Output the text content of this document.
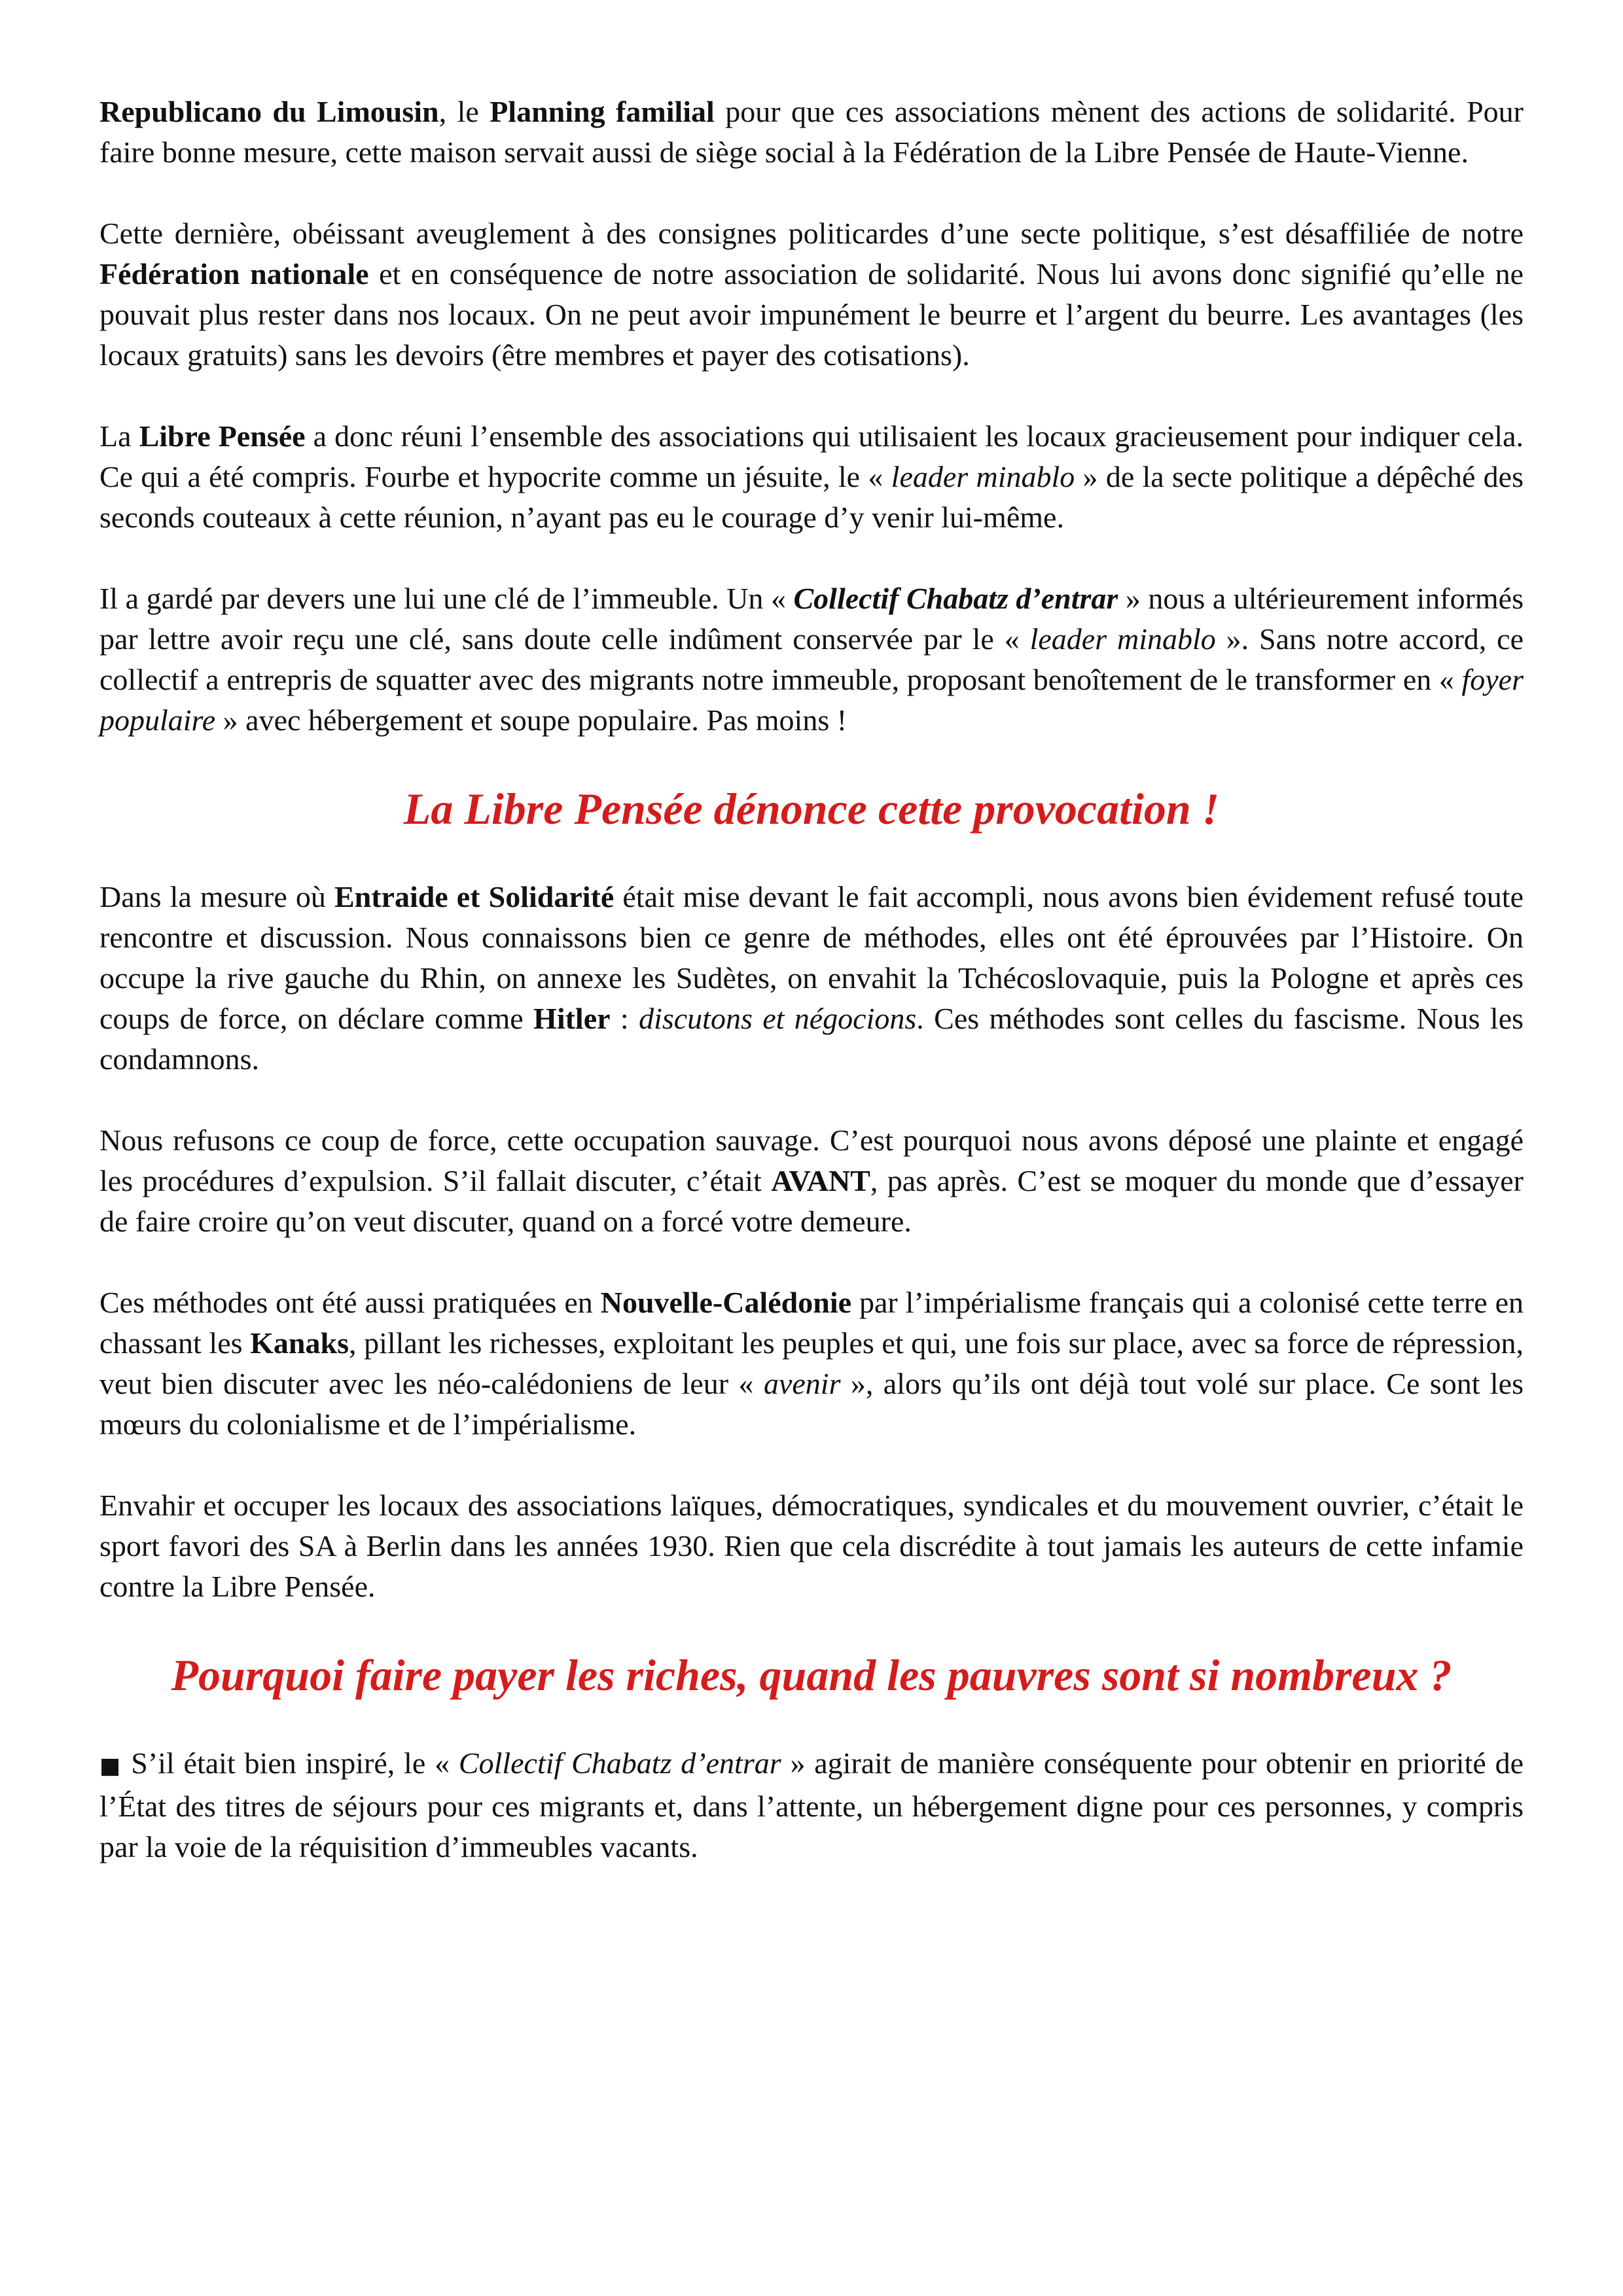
Republicano du Limousin, le Planning familial pour que ces associations mènent des actions de solidarité. Pour faire bonne mesure, cette maison servait aussi de siège social à la Fédération de la Libre Pensée de Haute-Vienne.

Cette dernière, obéissant aveuglement à des consignes politicardes d’une secte politique, s’est désaffiliée de notre Fédération nationale et en conséquence de notre association de solidarité. Nous lui avons donc signifié qu’elle ne pouvait plus rester dans nos locaux. On ne peut avoir impunément le beurre et l’argent du beurre. Les avantages (les locaux gratuits) sans les devoirs (être membres et payer des cotisations).

La Libre Pensée a donc réuni l’ensemble des associations qui utilisaient les locaux gracieusement pour indiquer cela. Ce qui a été compris. Fourbe et hypocrite comme un jésuite, le « leader minablo » de la secte politique a dépêché des seconds couteaux à cette réunion, n’ayant pas eu le courage d’y venir lui-même.

Il a gardé par devers une lui une clé de l’immeuble. Un « Collectif Chabatz d’entrar » nous a ultérieurement informés par lettre avoir reçu une clé, sans doute celle indûment conservée par le « leader minablo ». Sans notre accord, ce collectif a entrepris de squatter avec des migrants notre immeuble, proposant benoîtement de le transformer en « foyer populaire » avec hébergement et soupe populaire. Pas moins !

La Libre Pensée dénonce cette provocation !

Dans la mesure où Entraide et Solidarité était mise devant le fait accompli, nous avons bien évidement refusé toute rencontre et discussion. Nous connaissons bien ce genre de méthodes, elles ont été éprouvées par l’Histoire. On occupe la rive gauche du Rhin, on annexe les Sudètes, on envahit la Tchécoslovaquie, puis la Pologne et après ces coups de force, on déclare comme Hitler : discutons et négocions. Ces méthodes sont celles du fascisme. Nous les condamnons.

Nous refusons ce coup de force, cette occupation sauvage. C’est pourquoi nous avons déposé une plainte et engagé les procédures d’expulsion. S’il fallait discuter, c’était AVANT, pas après. C’est se moquer du monde que d’essayer de faire croire qu’on veut discuter, quand on a forcé votre demeure.

Ces méthodes ont été aussi pratiquées en Nouvelle-Calédonie par l’impérialisme français qui a colonisé cette terre en chassant les Kanaks, pillant les richesses, exploitant les peuples et qui, une fois sur place, avec sa force de répression, veut bien discuter avec les néo-calédoniens de leur « avenir », alors qu’ils ont déjà tout volé sur place. Ce sont les mœurs du colonialisme et de l’impérialisme.

Envahir et occuper les locaux des associations laïques, démocratiques, syndicales et du mouvement ouvrier, c’était le sport favori des SA à Berlin dans les années 1930. Rien que cela discrédite à tout jamais les auteurs de cette infamie contre la Libre Pensée.

Pourquoi faire payer les riches, quand les pauvres sont si nombreux ?

■ S’il était bien inspiré, le « Collectif Chabatz d’entrar » agirait de manière conséquente pour obtenir en priorité de l’État des titres de séjours pour ces migrants et, dans l’attente, un hébergement digne pour ces personnes, y compris par la voie de la réquisition d’immeubles vacants.
